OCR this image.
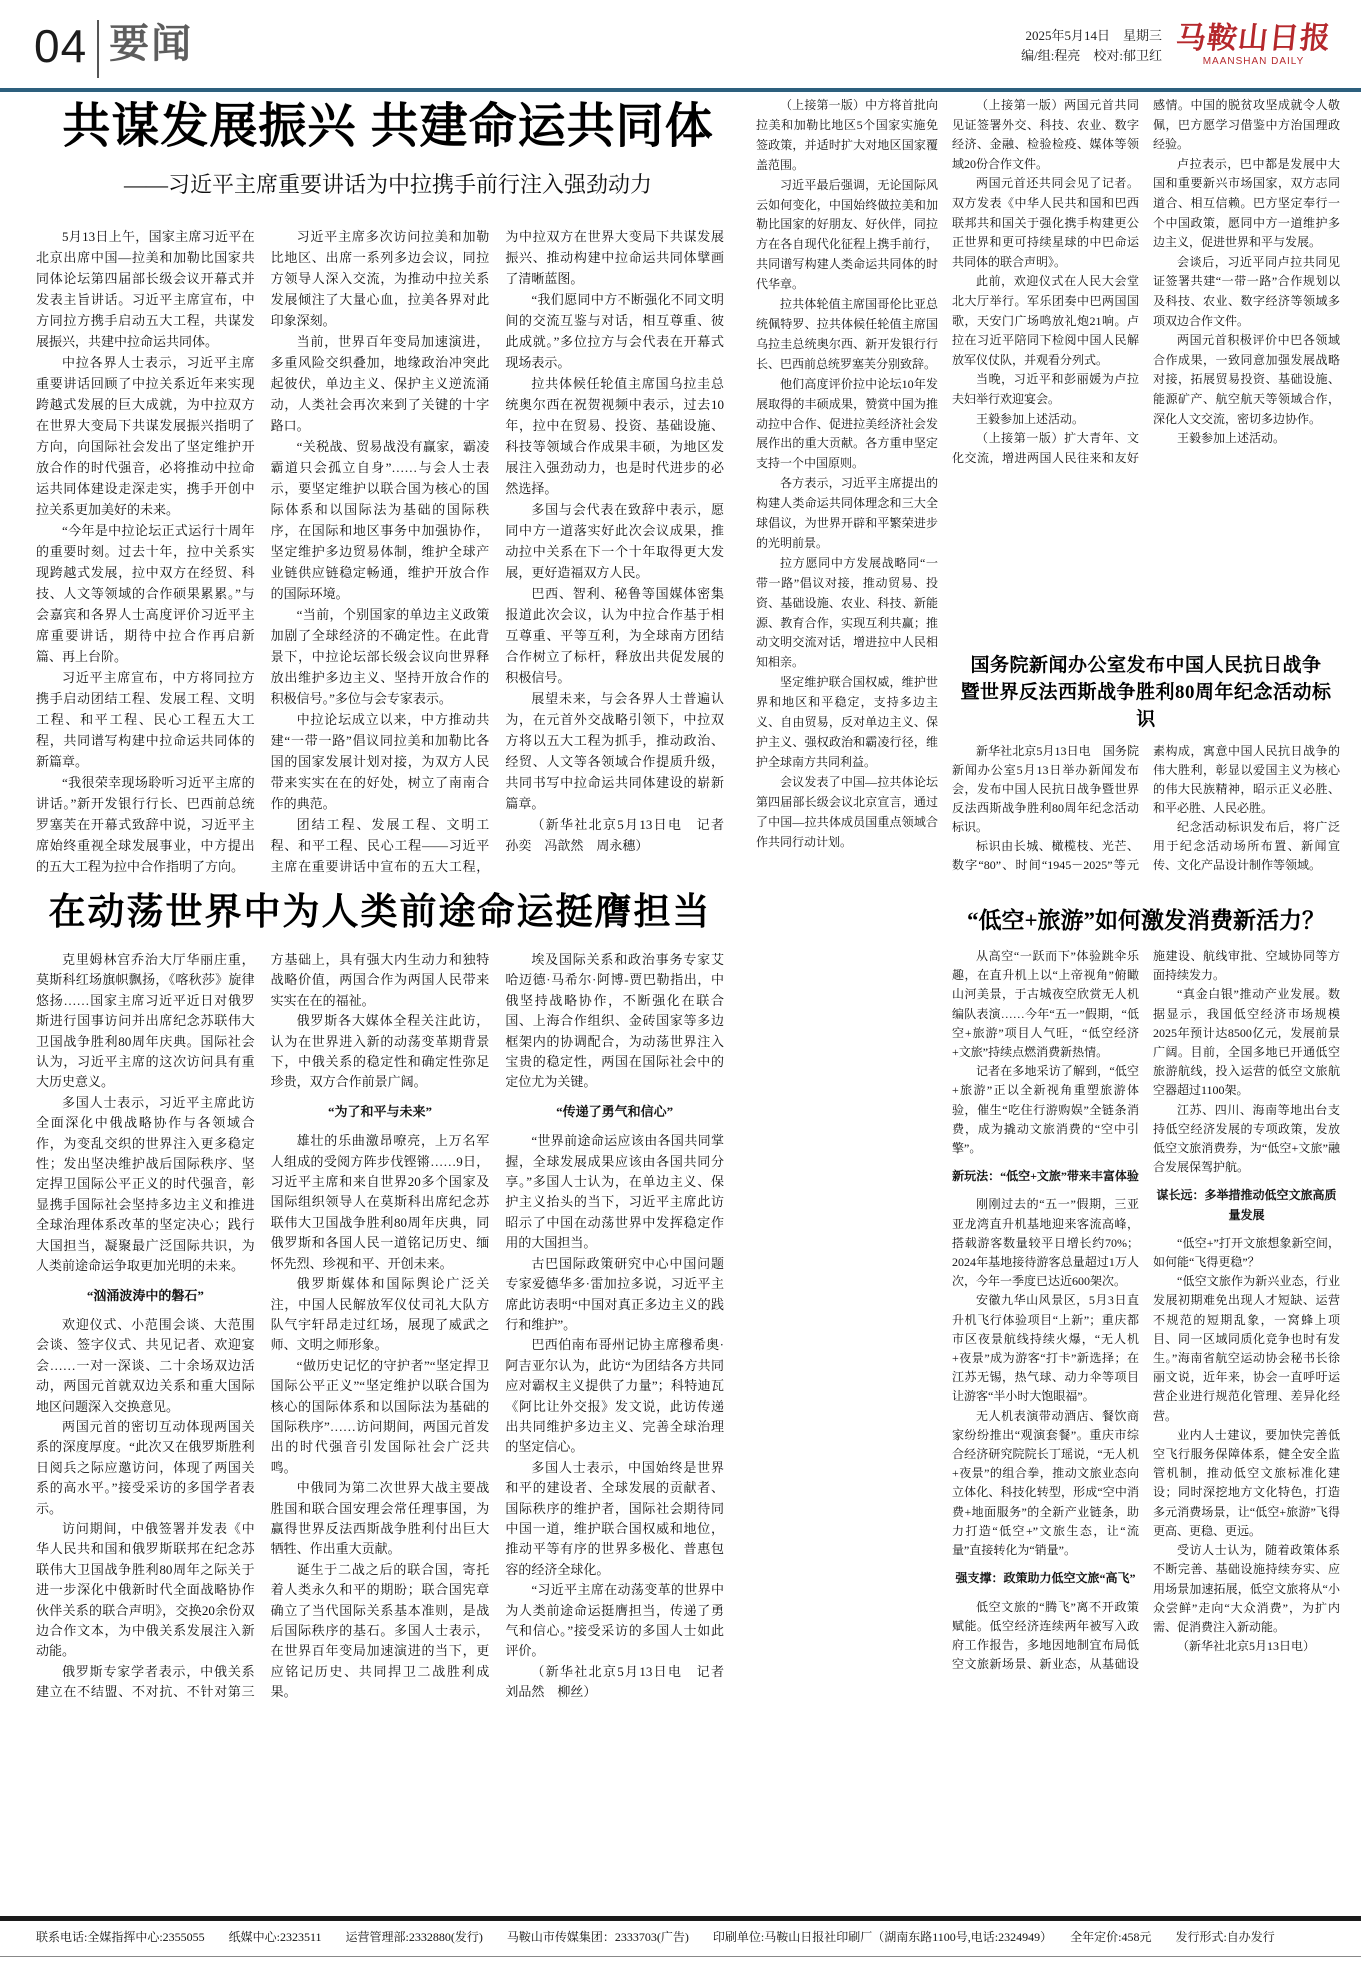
04 要闻	2025年5月14日　星期三
编/组:程亮　校对:郁卫红 马鞍山日报
MAANSHAN DAILY
共谋发展振兴 共建命运共同体
——习近平主席重要讲话为中拉携手前行注入强劲动力

5月13日上午，国家主席习近平在北京出席中国—拉美和加勒比国家共同体论坛第四届部长级会议开幕式并发表主旨讲话。习近平主席宣布，中方同拉方携手启动五大工程，共谋发展振兴，共建中拉命运共同体。

中拉各界人士表示，习近平主席重要讲话回顾了中拉关系近年来实现跨越式发展的巨大成就，为中拉双方在世界大变局下共谋发展振兴指明了方向，向国际社会发出了坚定维护开放合作的时代强音，必将推动中拉命运共同体建设走深走实，携手开创中拉关系更加美好的未来。

“今年是中拉论坛正式运行十周年的重要时刻。过去十年，拉中关系实现跨越式发展，拉中双方在经贸、科技、人文等领域的合作硕果累累。”与会嘉宾和各界人士高度评价习近平主席重要讲话，期待中拉合作再启新篇、再上台阶。

习近平主席宣布，中方将同拉方携手启动团结工程、发展工程、文明工程、和平工程、民心工程五大工程，共同谱写构建中拉命运共同体的新篇章。

“我很荣幸现场聆听习近平主席的讲话。”新开发银行行长、巴西前总统罗塞芙在开幕式致辞中说，习近平主席始终重视全球发展事业，中方提出的五大工程为拉中合作指明了方向。

习近平主席多次访问拉美和加勒比地区、出席一系列多边会议，同拉方领导人深入交流，为推动中拉关系发展倾注了大量心血，拉美各界对此印象深刻。

当前，世界百年变局加速演进，多重风险交织叠加，地缘政治冲突此起彼伏，单边主义、保护主义逆流涌动，人类社会再次来到了关键的十字路口。

“关税战、贸易战没有赢家，霸凌霸道只会孤立自身”……与会人士表示，要坚定维护以联合国为核心的国际体系和以国际法为基础的国际秩序，在国际和地区事务中加强协作，坚定维护多边贸易体制，维护全球产业链供应链稳定畅通，维护开放合作的国际环境。

“当前，个别国家的单边主义政策加剧了全球经济的不确定性。在此背景下，中拉论坛部长级会议向世界释放出维护多边主义、坚持开放合作的积极信号。”多位与会专家表示。

中拉论坛成立以来，中方推动共建“一带一路”倡议同拉美和加勒比各国的国家发展计划对接，为双方人民带来实实在在的好处，树立了南南合作的典范。

团结工程、发展工程、文明工程、和平工程、民心工程——习近平主席在重要讲话中宣布的五大工程，为中拉双方在世界大变局下共谋发展振兴、推动构建中拉命运共同体擘画了清晰蓝图。

“我们愿同中方不断强化不同文明间的交流互鉴与对话，相互尊重、彼此成就。”多位拉方与会代表在开幕式现场表示。

拉共体候任轮值主席国乌拉圭总统奥尔西在祝贺视频中表示，过去10年，拉中在贸易、投资、基础设施、科技等领域合作成果丰硕，为地区发展注入强劲动力，也是时代进步的必然选择。

多国与会代表在致辞中表示，愿同中方一道落实好此次会议成果，推动拉中关系在下一个十年取得更大发展，更好造福双方人民。

巴西、智利、秘鲁等国媒体密集报道此次会议，认为中拉合作基于相互尊重、平等互利，为全球南方团结合作树立了标杆，释放出共促发展的积极信号。

展望未来，与会各界人士普遍认为，在元首外交战略引领下，中拉双方将以五大工程为抓手，推动政治、经贸、人文等各领域合作提质升级，共同书写中拉命运共同体建设的崭新篇章。

（新华社北京5月13日电　记者　孙奕　冯歆然　周永穗）

（上接第一版）中方将首批向拉美和加勒比地区5个国家实施免签政策，并适时扩大对地区国家覆盖范围。

习近平最后强调，无论国际风云如何变化，中国始终做拉美和加勒比国家的好朋友、好伙伴，同拉方在各自现代化征程上携手前行，共同谱写构建人类命运共同体的时代华章。

拉共体轮值主席国哥伦比亚总统佩特罗、拉共体候任轮值主席国乌拉圭总统奥尔西、新开发银行行长、巴西前总统罗塞芙分别致辞。

他们高度评价拉中论坛10年发展取得的丰硕成果，赞赏中国为推动拉中合作、促进拉美经济社会发展作出的重大贡献。各方重申坚定支持一个中国原则。

各方表示，习近平主席提出的构建人类命运共同体理念和三大全球倡议，为世界开辟和平繁荣进步的光明前景。

拉方愿同中方发展战略同“一带一路”倡议对接，推动贸易、投资、基础设施、农业、科技、新能源、教育合作，实现互利共赢；推动文明交流对话，增进拉中人民相知相亲。

坚定维护联合国权威，维护世界和地区和平稳定，支持多边主义、自由贸易，反对单边主义、保护主义、强权政治和霸凌行径，维护全球南方共同利益。

会议发表了中国—拉共体论坛第四届部长级会议北京宣言，通过了中国—拉共体成员国重点领域合作共同行动计划。

（上接第一版）两国元首共同见证签署外交、科技、农业、数字经济、金融、检验检疫、媒体等领域20份合作文件。

两国元首还共同会见了记者。双方发表《中华人民共和国和巴西联邦共和国关于强化携手构建更公正世界和更可持续星球的中巴命运共同体的联合声明》。

此前，欢迎仪式在人民大会堂北大厅举行。军乐团奏中巴两国国歌，天安门广场鸣放礼炮21响。卢拉在习近平陪同下检阅中国人民解放军仪仗队，并观看分列式。

当晚，习近平和彭丽媛为卢拉夫妇举行欢迎宴会。

王毅参加上述活动。

（上接第一版）扩大青年、文化交流，增进两国人民往来和友好感情。中国的脱贫攻坚成就令人敬佩，巴方愿学习借鉴中方治国理政经验。

卢拉表示，巴中都是发展中大国和重要新兴市场国家，双方志同道合、相互信赖。巴方坚定奉行一个中国政策，愿同中方一道维护多边主义，促进世界和平与发展。

会谈后，习近平同卢拉共同见证签署共建“一带一路”合作规划以及科技、农业、数字经济等领域多项双边合作文件。

两国元首积极评价中巴各领域合作成果，一致同意加强发展战略对接，拓展贸易投资、基础设施、能源矿产、航空航天等领域合作，深化人文交流，密切多边协作。

王毅参加上述活动。

国务院新闻办公室发布中国人民抗日战争
暨世界反法西斯战争胜利80周年纪念活动标识

新华社北京5月13日电　国务院新闻办公室5月13日举办新闻发布会，发布中国人民抗日战争暨世界反法西斯战争胜利80周年纪念活动标识。

标识由长城、橄榄枝、光芒、数字“80”、时间“1945－2025”等元素构成，寓意中国人民抗日战争的伟大胜利，彰显以爱国主义为核心的伟大民族精神，昭示正义必胜、和平必胜、人民必胜。

纪念活动标识发布后，将广泛用于纪念活动场所布置、新闻宣传、文化产品设计制作等领域。

在动荡世界中为人类前途命运挺膺担当

克里姆林宫乔治大厅华丽庄重，莫斯科红场旗帜飘扬，《喀秋莎》旋律悠扬……国家主席习近平近日对俄罗斯进行国事访问并出席纪念苏联伟大卫国战争胜利80周年庆典。国际社会认为，习近平主席的这次访问具有重大历史意义。

多国人士表示，习近平主席此访全面深化中俄战略协作与各领域合作，为变乱交织的世界注入更多稳定性；发出坚决维护战后国际秩序、坚定捍卫国际公平正义的时代强音，彰显携手国际社会坚持多边主义和推进全球治理体系改革的坚定决心；践行大国担当，凝聚最广泛国际共识，为人类前途命运争取更加光明的未来。

“汹涌波涛中的磐石”

欢迎仪式、小范围会谈、大范围会谈、签字仪式、共见记者、欢迎宴会……一对一深谈、二十余场双边活动，两国元首就双边关系和重大国际地区问题深入交换意见。

两国元首的密切互动体现两国关系的深度厚度。“此次又在俄罗斯胜利日阅兵之际应邀访问，体现了两国关系的高水平。”接受采访的多国学者表示。

访问期间，中俄签署并发表《中华人民共和国和俄罗斯联邦在纪念苏联伟大卫国战争胜利80周年之际关于进一步深化中俄新时代全面战略协作伙伴关系的联合声明》，交换20余份双边合作文本，为中俄关系发展注入新动能。

俄罗斯专家学者表示，中俄关系建立在不结盟、不对抗、不针对第三方基础上，具有强大内生动力和独特战略价值，两国合作为两国人民带来实实在在的福祉。

俄罗斯各大媒体全程关注此访，认为在世界进入新的动荡变革期背景下，中俄关系的稳定性和确定性弥足珍贵，双方合作前景广阔。

“为了和平与未来”

雄壮的乐曲激昂嘹亮，上万名军人组成的受阅方阵步伐铿锵……9日，习近平主席和来自世界20多个国家及国际组织领导人在莫斯科出席纪念苏联伟大卫国战争胜利80周年庆典，同俄罗斯和各国人民一道铭记历史、缅怀先烈、珍视和平、开创未来。

俄罗斯媒体和国际舆论广泛关注，中国人民解放军仪仗司礼大队方队气宇轩昂走过红场，展现了威武之师、文明之师形象。

“做历史记忆的守护者”“坚定捍卫国际公平正义”“坚定维护以联合国为核心的国际体系和以国际法为基础的国际秩序”……访问期间，两国元首发出的时代强音引发国际社会广泛共鸣。

中俄同为第二次世界大战主要战胜国和联合国安理会常任理事国，为赢得世界反法西斯战争胜利付出巨大牺牲、作出重大贡献。

诞生于二战之后的联合国，寄托着人类永久和平的期盼；联合国宪章确立了当代国际关系基本准则，是战后国际秩序的基石。多国人士表示，在世界百年变局加速演进的当下，更应铭记历史、共同捍卫二战胜利成果。

埃及国际关系和政治事务专家艾哈迈德·马希尔·阿博-贾巴勒指出，中俄坚持战略协作，不断强化在联合国、上海合作组织、金砖国家等多边框架内的协调配合，为动荡世界注入宝贵的稳定性，两国在国际社会中的定位尤为关键。

“传递了勇气和信心”

“世界前途命运应该由各国共同掌握，全球发展成果应该由各国共同分享。”多国人士认为，在单边主义、保护主义抬头的当下，习近平主席此访昭示了中国在动荡世界中发挥稳定作用的大国担当。

古巴国际政策研究中心中国问题专家爱德华多·雷加拉多说，习近平主席此访表明“中国对真正多边主义的践行和维护”。

巴西伯南布哥州记协主席穆希奥·阿吉亚尔认为，此访“为团结各方共同应对霸权主义提供了力量”；科特迪瓦《阿比让外交报》发文说，此访传递出共同维护多边主义、完善全球治理的坚定信心。

多国人士表示，中国始终是世界和平的建设者、全球发展的贡献者、国际秩序的维护者，国际社会期待同中国一道，维护联合国权威和地位，推动平等有序的世界多极化、普惠包容的经济全球化。

“习近平主席在动荡变革的世界中为人类前途命运挺膺担当，传递了勇气和信心。”接受采访的多国人士如此评价。

（新华社北京5月13日电　记者　刘品然　柳丝）

“低空+旅游”如何激发消费新活力？

从高空“一跃而下”体验跳伞乐趣，在直升机上以“上帝视角”俯瞰山河美景，于古城夜空欣赏无人机编队表演……今年“五一”假期，“低空+旅游”项目人气旺，“低空经济+文旅”持续点燃消费新热情。

记者在多地采访了解到，“低空+旅游”正以全新视角重塑旅游体验，催生“吃住行游购娱”全链条消费，成为撬动文旅消费的“空中引擎”。

新玩法：“低空+文旅”带来丰富体验

刚刚过去的“五一”假期，三亚亚龙湾直升机基地迎来客流高峰，搭载游客数量较平日增长约70%；2024年基地接待游客总量超过1万人次，今年一季度已达近600架次。

安徽九华山风景区，5月3日直升机飞行体验项目“上新”；重庆都市区夜景航线持续火爆，“无人机+夜景”成为游客“打卡”新选择；在江苏无锡，热气球、动力伞等项目让游客“半小时大饱眼福”。

无人机表演带动酒店、餐饮商家纷纷推出“观演套餐”。重庆市综合经济研究院院长丁瑶说，“无人机+夜景”的组合拳，推动文旅业态向立体化、科技化转型，形成“空中消费+地面服务”的全新产业链条，助力打造“低空+”文旅生态，让“流量”直接转化为“销量”。

强支撑：政策助力低空文旅“高飞”

低空文旅的“腾飞”离不开政策赋能。低空经济连续两年被写入政府工作报告，多地因地制宜布局低空文旅新场景、新业态，从基础设施建设、航线审批、空域协同等方面持续发力。

“真金白银”推动产业发展。数据显示，我国低空经济市场规模2025年预计达8500亿元，发展前景广阔。目前，全国多地已开通低空旅游航线，投入运营的低空文旅航空器超过1100架。

江苏、四川、海南等地出台支持低空经济发展的专项政策，发放低空文旅消费券，为“低空+文旅”融合发展保驾护航。

谋长远：多举措推动低空文旅高质量发展

“低空+”打开文旅想象新空间，如何能“飞得更稳”？

“低空文旅作为新兴业态，行业发展初期难免出现人才短缺、运营不规范的短期乱象，一窝蜂上项目、同一区域同质化竞争也时有发生。”海南省航空运动协会秘书长徐丽文说，近年来，协会一直呼吁运营企业进行规范化管理、差异化经营。

业内人士建议，要加快完善低空飞行服务保障体系，健全安全监管机制，推动低空文旅标准化建设；同时深挖地方文化特色，打造多元消费场景，让“低空+旅游”飞得更高、更稳、更远。

受访人士认为，随着政策体系不断完善、基础设施持续夯实、应用场景加速拓展，低空文旅将从“小众尝鲜”走向“大众消费”，为扩内需、促消费注入新动能。

（新华社北京5月13日电）

联系电话:全媒指挥中心:2355055　　纸媒中心:2323511　　运营管理部:2332880(发行)　　马鞍山市传媒集团：2333703(广告)　　印刷单位:马鞍山日报社印刷厂（湖南东路1100号,电话:2324949）　　全年定价:458元　　发行形式:自办发行
